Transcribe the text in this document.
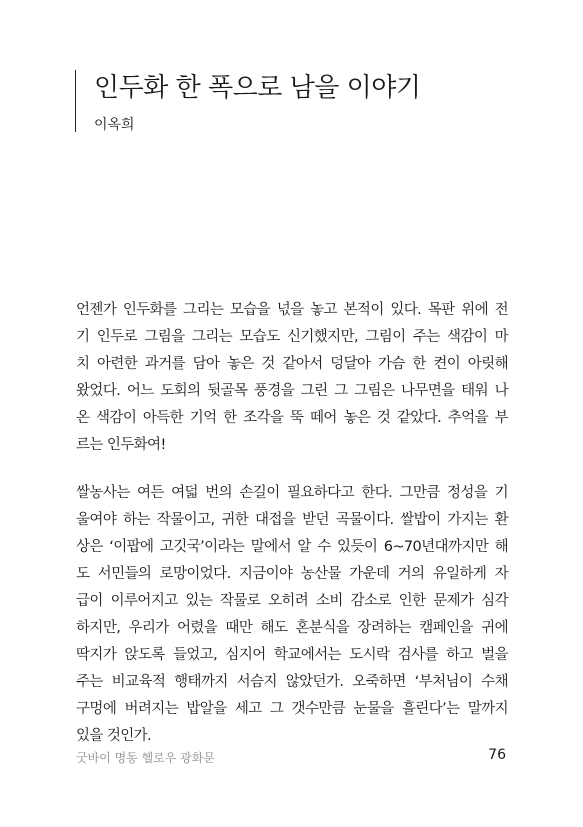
인두화 한 폭으로 남을 이야기
이옥희
언젠가 인두화를 그리는 모습을 넋을 놓고 본적이 있다. 목판 위에 전
기 인두로 그림을 그리는 모습도 신기했지만, 그림이 주는 색감이 마
치 아련한 과거를 담아 놓은 것 같아서 덩달아 가슴 한 켠이 아릿해
왔었다. 어느 도회의 뒷골목 풍경을 그린 그 그림은 나무면을 태워 나
온 색감이 아득한 기억 한 조각을 뚝 떼어 놓은 것 같았다. 추억을 부
르는 인두화여!
쌀농사는 여든 여덟 번의 손길이 필요하다고 한다. 그만큼 정성을 기
울여야 하는 작물이고, 귀한 대접을 받던 곡물이다. 쌀밥이 가지는 환
상은 ‘이팝에 고깃국’이라는 말에서 알 수 있듯이 6~70년대까지만 해
도 서민들의 로망이었다. 지금이야 농산물 가운데 거의 유일하게 자
급이 이루어지고 있는 작물로 오히려 소비 감소로 인한 문제가 심각
하지만, 우리가 어렸을 때만 해도 혼분식을 장려하는 캠페인을 귀에
딱지가 앉도록 들었고, 심지어 학교에서는 도시락 검사를 하고 벌을
주는 비교육적 행태까지 서슴지 않았던가. 오죽하면 ‘부처님이 수채
구멍에 버려지는 밥알을 세고 그 갯수만큼 눈물을 흘린다’는 말까지
있을 것인가.
굿바이 명동 헬로우 광화문	76
